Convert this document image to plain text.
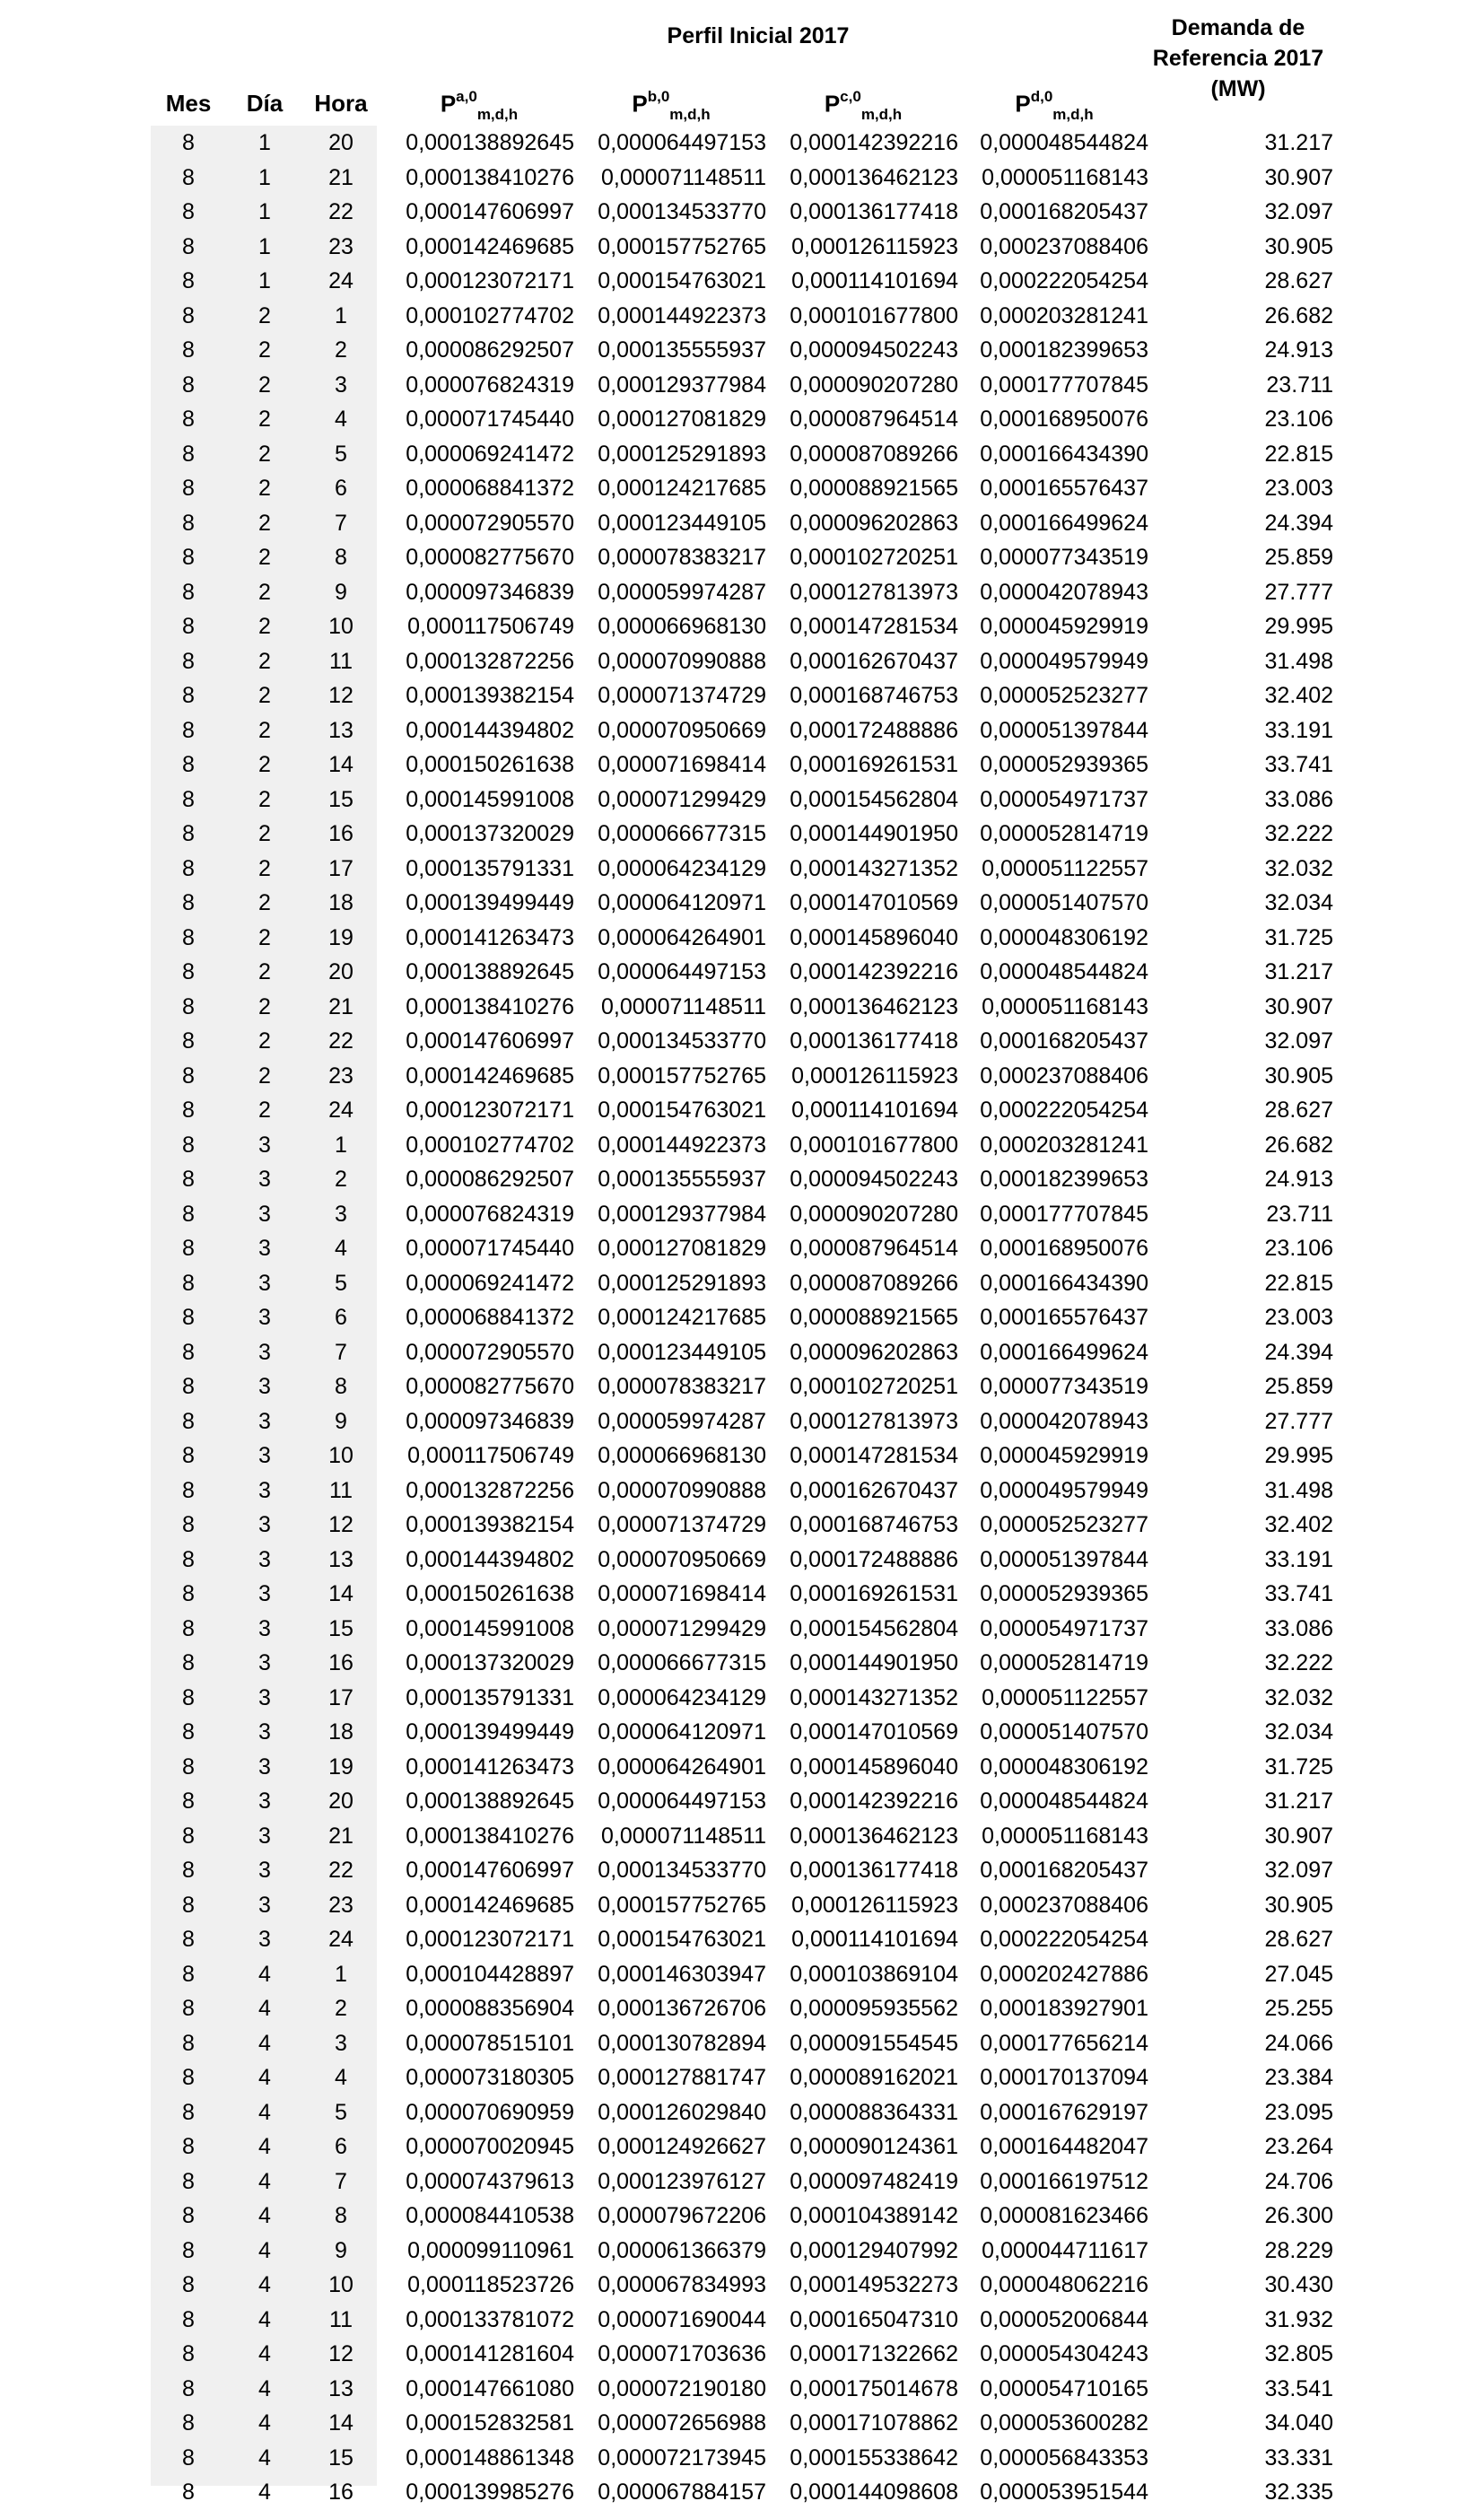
Perfil Inicial 2017	Demanda de
Referencia 2017
(MW)
Mes	Día	Hora	P$^{a,0}_{m,d,h}$	P$^{b,0}_{m,d,h}$	P$^{c,0}_{m,d,h}$	P$^{d,0}_{m,d,h}$
8	1	20	0,000138892645	0,000064497153	0,000142392216 0,000048544824	31.217
8	1	21	0,000138410276	0,000071148511	0,000136462123	0,000051168143	30.907
8	1	22	0,000147606997	0,000134533770	0,000136177418 0,000168205437	32.097
8	1	23	0,000142469685	0,000157752765	0,000126115923 0,000237088406	30.905
8	1	24	0,000123072171	0,000154763021	0,000114101694 0,000222054254	28.627
8	2	1	0,000102774702	0,000144922373	0,000101677800 0,000203281241	26.682
8	2	2	0,000086292507	0,000135555937	0,000094502243 0,000182399653	24.913
8	2	3	0,000076824319	0,000129377984	0,000090207280 0,000177707845	23.711
8	2	4	0,000071745440	0,000127081829	0,000087964514 0,000168950076	23.106
8	2	5	0,000069241472	0,000125291893	0,000087089266 0,000166434390	22.815
8	2	6	0,000068841372	0,000124217685	0,000088921565 0,000165576437	23.003
8	2	7	0,000072905570	0,000123449105	0,000096202863 0,000166499624	24.394
8	2	8	0,000082775670	0,000078383217	0,000102720251 0,000077343519	25.859
8	2	9	0,000097346839	0,000059974287	0,000127813973 0,000042078943	27.777
8	2	10	0,000117506749	0,000066968130	0,000147281534 0,000045929919	29.995
8	2	11	0,000132872256	0,000070990888	0,000162670437 0,000049579949	31.498
8	2	12	0,000139382154	0,000071374729	0,000168746753 0,000052523277	32.402
8	2	13	0,000144394802	0,000070950669	0,000172488886 0,000051397844	33.191
8	2	14	0,000150261638	0,000071698414	0,000169261531 0,000052939365	33.741
8	2	15	0,000145991008	0,000071299429	0,000154562804 0,000054971737	33.086
8	2	16	0,000137320029	0,000066677315	0,000144901950 0,000052814719	32.222
8	2	17	0,000135791331	0,000064234129	0,000143271352	0,000051122557	32.032
8	2	18	0,000139499449	0,000064120971	0,000147010569 0,000051407570	32.034
8	2	19	0,000141263473	0,000064264901	0,000145896040 0,000048306192	31.725
8	2	20	0,000138892645	0,000064497153	0,000142392216 0,000048544824	31.217
8	2	21	0,000138410276	0,000071148511	0,000136462123	0,000051168143	30.907
8	2	22	0,000147606997	0,000134533770	0,000136177418 0,000168205437	32.097
8	2	23	0,000142469685	0,000157752765	0,000126115923 0,000237088406	30.905
8	2	24	0,000123072171	0,000154763021	0,000114101694 0,000222054254	28.627
8	3	1	0,000102774702	0,000144922373	0,000101677800 0,000203281241	26.682
8	3	2	0,000086292507	0,000135555937	0,000094502243 0,000182399653	24.913
8	3	3	0,000076824319	0,000129377984	0,000090207280 0,000177707845	23.711
8	3	4	0,000071745440	0,000127081829	0,000087964514 0,000168950076	23.106
8	3	5	0,000069241472	0,000125291893	0,000087089266 0,000166434390	22.815
8	3	6	0,000068841372	0,000124217685	0,000088921565 0,000165576437	23.003
8	3	7	0,000072905570	0,000123449105	0,000096202863 0,000166499624	24.394
8	3	8	0,000082775670	0,000078383217	0,000102720251 0,000077343519	25.859
8	3	9	0,000097346839	0,000059974287	0,000127813973 0,000042078943	27.777
8	3	10	0,000117506749	0,000066968130	0,000147281534 0,000045929919	29.995
8	3	11	0,000132872256	0,000070990888	0,000162670437 0,000049579949	31.498
8	3	12	0,000139382154	0,000071374729	0,000168746753 0,000052523277	32.402
8	3	13	0,000144394802	0,000070950669	0,000172488886 0,000051397844	33.191
8	3	14	0,000150261638	0,000071698414	0,000169261531 0,000052939365	33.741
8	3	15	0,000145991008	0,000071299429	0,000154562804 0,000054971737	33.086
8	3	16	0,000137320029	0,000066677315	0,000144901950 0,000052814719	32.222
8	3	17	0,000135791331	0,000064234129	0,000143271352	0,000051122557	32.032
8	3	18	0,000139499449	0,000064120971	0,000147010569 0,000051407570	32.034
8	3	19	0,000141263473	0,000064264901	0,000145896040 0,000048306192	31.725
8	3	20	0,000138892645	0,000064497153	0,000142392216 0,000048544824	31.217
8	3	21	0,000138410276	0,000071148511	0,000136462123	0,000051168143	30.907
8	3	22	0,000147606997	0,000134533770	0,000136177418 0,000168205437	32.097
8	3	23	0,000142469685	0,000157752765	0,000126115923 0,000237088406	30.905
8	3	24	0,000123072171	0,000154763021	0,000114101694 0,000222054254	28.627
8	4	1	0,000104428897	0,000146303947	0,000103869104 0,000202427886	27.045
8	4	2	0,000088356904	0,000136726706	0,000095935562 0,000183927901	25.255
8	4	3	0,000078515101	0,000130782894	0,000091554545 0,000177656214	24.066
8	4	4	0,000073180305	0,000127881747	0,000089162021 0,000170137094	23.384
8	4	5	0,000070690959	0,000126029840	0,000088364331 0,000167629197	23.095
8	4	6	0,000070020945	0,000124926627	0,000090124361 0,000164482047	23.264
8	4	7	0,000074379613	0,000123976127	0,000097482419 0,000166197512	24.706
8	4	8	0,000084410538	0,000079672206	0,000104389142 0,000081623466	26.300
8	4	9	0,000099110961	0,000061366379	0,000129407992	0,000044711617	28.229
8	4	10	0,000118523726	0,000067834993	0,000149532273 0,000048062216	30.430
8	4	11	0,000133781072	0,000071690044	0,000165047310 0,000052006844	31.932
8	4	12	0,000141281604	0,000071703636	0,000171322662 0,000054304243	32.805
8	4	13	0,000147661080	0,000072190180	0,000175014678 0,000054710165	33.541
8	4	14	0,000152832581	0,000072656988	0,000171078862 0,000053600282	34.040
8	4	15	0,000148861348	0,000072173945	0,000155338642 0,000056843353	33.331
8	4	16	0,000139985276	0,000067884157	0,000144098608 0,000053951544	32.335
